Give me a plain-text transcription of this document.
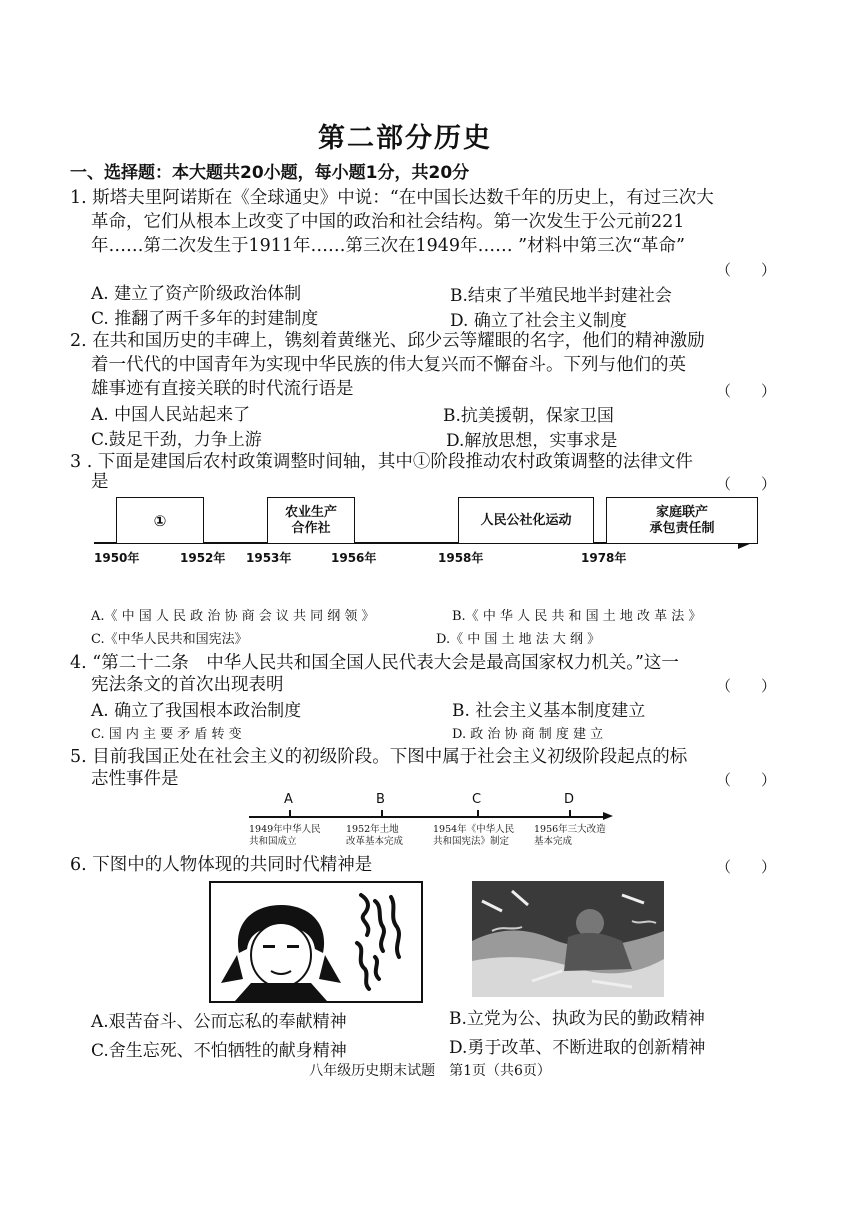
第二部分历史
一、选择题：本大题共20小题，每小题1分，共20分
1. 斯塔夫里阿诺斯在《全球通史》中说：“在中国长达数千年的历史上，有过三次大
革命，它们从根本上改变了中国的政治和社会结构。第一次发生于公元前221
年……第二次发生于1911年……第三次在1949年…… ”材料中第三次“革命”
（　　）
A. 建立了资产阶级政治体制	B.结束了半殖民地半封建社会
C. 推翻了两千多年的封建制度	D. 确立了社会主义制度
2. 在共和国历史的丰碑上，镌刻着黄继光、邱少云等耀眼的名字，他们的精神激励
着一代代的中国青年为实现中华民族的伟大复兴而不懈奋斗。下列与他们的英
雄事迹有直接关联的时代流行语是	（　　）
A. 中国人民站起来了	B.抗美援朝，保家卫国
C.鼓足干劲，力争上游	D.解放思想，实事求是
3 . 下面是建国后农村政策调整时间轴，其中①阶段推动农村政策调整的法律文件
是	（　　）
①	农业生产
合作社
人民公社化运动
家庭联产
承包责任制
1950年	1952年 1953年	1956年	1958年	1978年
A.《 中 国 人 民 政 治 协 商 会 议 共 同 纲 领 》	B.《 中 华 人 民 共 和 国 土 地 改 革 法 》
C.《中华人民共和国宪法》	D.《 中 国 土 地 法 大 纲 》
4. “第二十二条　中华人民共和国全国人民代表大会是最高国家权力机关。”这一
宪法条文的首次出现表明	（　　）
A. 确立了我国根本政治制度	B. 社会主义基本制度建立
C. 国 内 主 要 矛 盾 转 变	D. 政 治 协 商 制 度 建 立
5. 目前我国正处在社会主义的初级阶段。下图中属于社会主义初级阶段起点的标
志性事件是	（　　）
A	B	C	D
1949年中华人民
共和国成立
1952年土地
改革基本完成
1954年《中华人民
共和国宪法》制定
1956年三大改造
基本完成
6. 下图中的人物体现的共同时代精神是	（　　）
A.艰苦奋斗、公而忘私的奉献精神	B.立党为公、执政为民的勤政精神
C.舍生忘死、不怕牺牲的献身精神	D.勇于改革、不断进取的创新精神
八年级历史期末试题　第1页（共6页）
